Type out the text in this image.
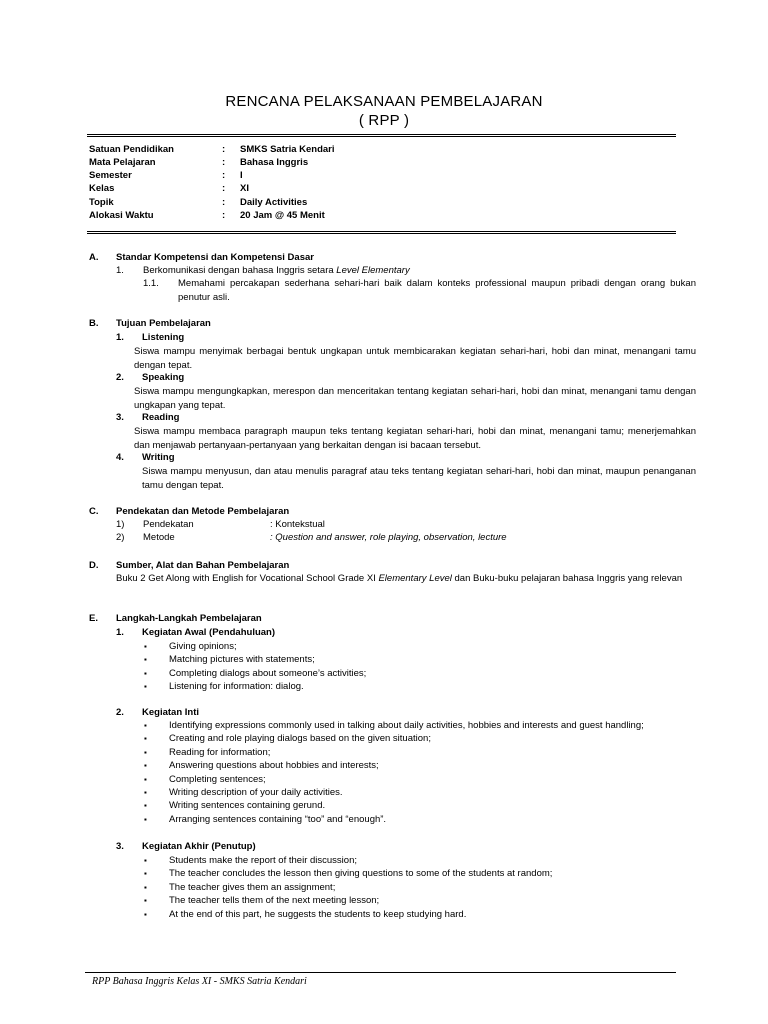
RENCANA PELAKSANAAN PEMBELAJARAN
( RPP )
Satuan Pendidikan	: SMKS Satria Kendari
Mata Pelajaran	: Bahasa Inggris
Semester	: I
Kelas	: XI
Topik	: Daily Activities
Alokasi Waktu	: 20 Jam @ 45 Menit
A. Standar Kompetensi dan Kompetensi Dasar
1. Berkomunikasi dengan bahasa Inggris setara Level Elementary
1.1. Memahami percakapan sederhana sehari-hari baik dalam konteks professional maupun pribadi dengan orang bukan penutur asli.
B. Tujuan Pembelajaran
1. Listening
Siswa mampu menyimak berbagai bentuk ungkapan untuk membicarakan kegiatan sehari-hari, hobi dan minat, menangani tamu dengan tepat.
2. Speaking
Siswa mampu mengungkapkan, merespon dan menceritakan tentang kegiatan sehari-hari, hobi dan minat, menangani tamu dengan ungkapan yang tepat.
3. Reading
Siswa mampu membaca paragraph maupun teks tentang kegiatan sehari-hari, hobi dan minat, menangani tamu; menerjemahkan dan menjawab pertanyaan-pertanyaan yang berkaitan dengan isi bacaan tersebut.
4. Writing
Siswa mampu menyusun, dan atau menulis paragraf atau teks tentang kegiatan sehari-hari, hobi dan minat, maupun penanganan tamu dengan tepat.
C. Pendekatan dan Metode Pembelajaran
1) Pendekatan	: Kontekstual
2) Metode	: Question and answer, role playing, observation, lecture
D. Sumber, Alat dan Bahan Pembelajaran
Buku 2 Get Along with English for Vocational School Grade XI Elementary Level dan Buku-buku pelajaran bahasa Inggris yang relevan
E. Langkah-Langkah Pembelajaran
1. Kegiatan Awal (Pendahuluan)
▪ Giving opinions;
▪ Matching pictures with statements;
▪ Completing dialogs about someone’s activities;
▪ Listening for information: dialog.
2. Kegiatan Inti
▪ Identifying expressions commonly used in talking about daily activities, hobbies and interests and guest handling;
▪ Creating and role playing dialogs based on the given situation;
▪ Reading for information;
▪ Answering questions about hobbies and interests;
▪ Completing sentences;
▪ Writing description of your daily activities.
▪ Writing sentences containing gerund.
▪ Arranging sentences containing “too” and “enough”.
3. Kegiatan Akhir (Penutup)
▪ Students make the report of their discussion;
▪ The teacher concludes the lesson then giving questions to some of the students at random;
▪ The teacher gives them an assignment;
▪ The teacher tells them of the next meeting lesson;
▪ At the end of this part, he suggests the students to keep studying hard.
RPP Bahasa Inggris Kelas XI - SMKS Satria Kendari
